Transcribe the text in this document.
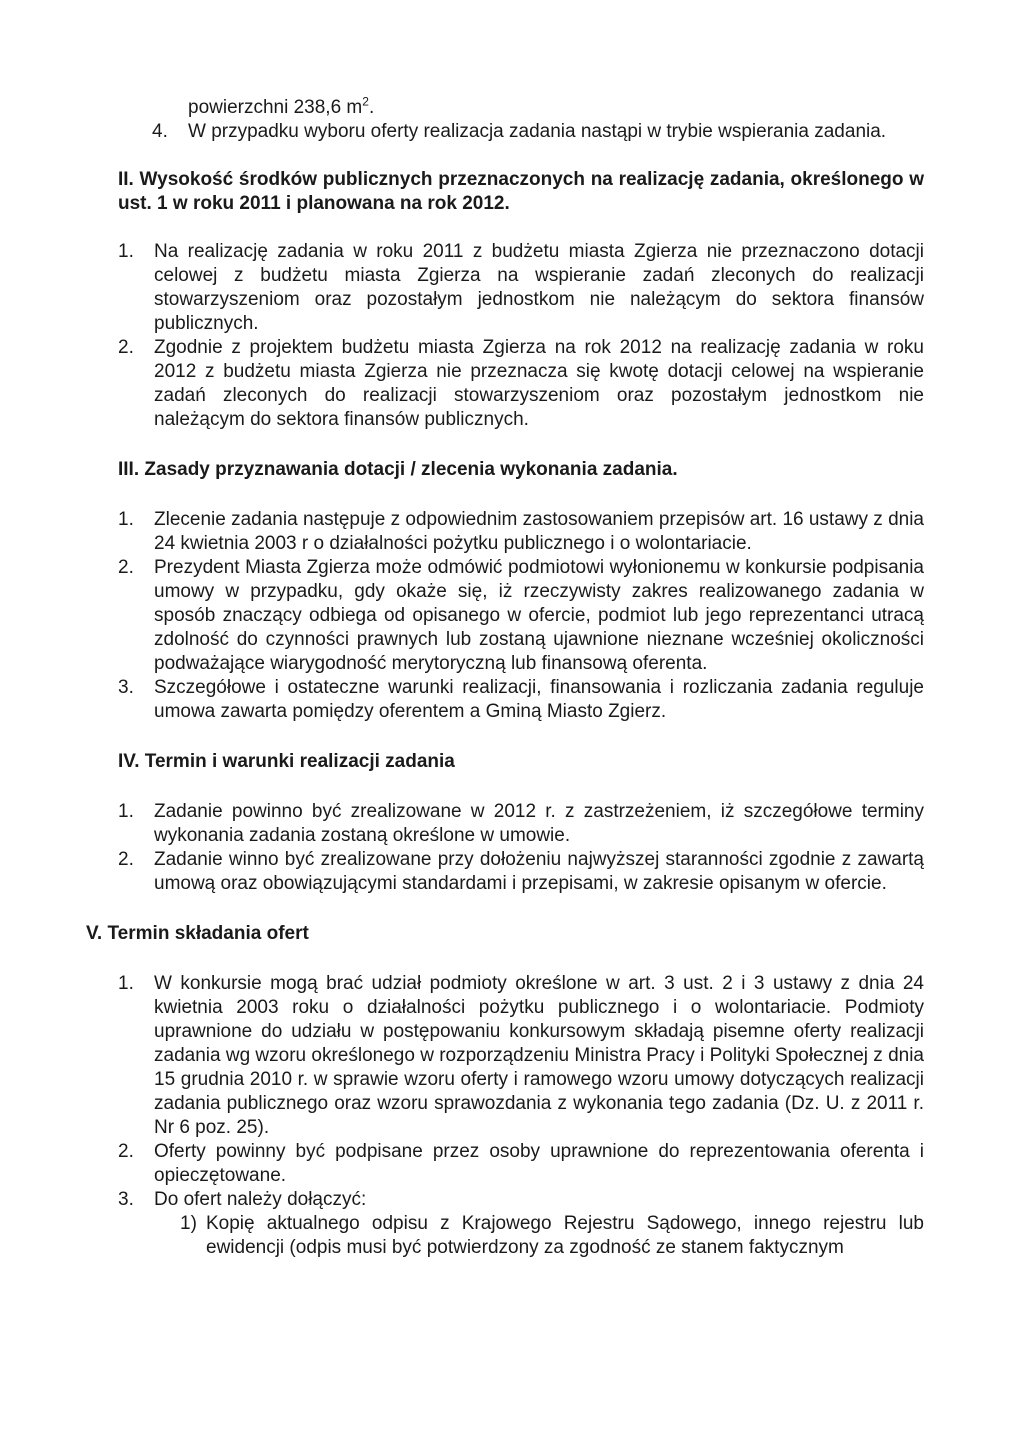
powierzchni 238,6 $m^2$.

4. W przypadku wyboru oferty realizacja zadania nastąpi w trybie wspierania zadania.

II. Wysokość środków publicznych przeznaczonych na realizację zadania, określonego w ust. 1 w roku 2011 i planowana na rok 2012.

1. Na realizację zadania w roku 2011 z budżetu miasta Zgierza nie przeznaczono dotacji celowej z budżetu miasta Zgierza na wspieranie zadań zleconych do realizacji stowarzyszeniom oraz pozostałym jednostkom nie należącym do sektora finansów publicznych.
2. Zgodnie z projektem budżetu miasta Zgierza na rok 2012 na realizację zadania w roku 2012 z budżetu miasta Zgierza nie przeznacza się kwotę dotacji celowej na wspieranie zadań zleconych do realizacji stowarzyszeniom oraz pozostałym jednostkom nie należącym do sektora finansów publicznych.

III. Zasady przyznawania dotacji / zlecenia wykonania zadania.

1. Zlecenie zadania następuje z odpowiednim zastosowaniem przepisów art. 16 ustawy z dnia 24 kwietnia 2003 r o działalności pożytku publicznego i o wolontariacie.
2. Prezydent Miasta Zgierza może odmówić podmiotowi wyłonionemu w konkursie podpisania umowy w przypadku, gdy okaże się, iż rzeczywisty zakres realizowanego zadania w sposób znaczący odbiega od opisanego w ofercie, podmiot lub jego reprezentanci utracą zdolność do czynności prawnych lub zostaną ujawnione nieznane wcześniej okoliczności podważające wiarygodność merytoryczną lub finansową oferenta.
3. Szczegółowe i ostateczne warunki realizacji, finansowania i rozliczania zadania reguluje umowa zawarta pomiędzy oferentem a Gminą Miasto Zgierz.

IV. Termin i warunki realizacji zadania

1. Zadanie powinno być zrealizowane w 2012 r. z zastrzeżeniem, iż szczegółowe terminy wykonania zadania zostaną określone w umowie.
2. Zadanie winno być zrealizowane przy dołożeniu najwyższej staranności zgodnie z zawartą umową oraz obowiązującymi standardami i przepisami, w zakresie opisanym w ofercie.

V. Termin składania ofert

1. W konkursie mogą brać udział podmioty określone w art. 3 ust. 2 i 3 ustawy z dnia 24 kwietnia 2003 roku o działalności pożytku publicznego i o wolontariacie. Podmioty uprawnione do udziału w postępowaniu konkursowym składają pisemne oferty realizacji zadania wg wzoru określonego w rozporządzeniu Ministra Pracy i Polityki Społecznej z dnia 15 grudnia 2010 r. w sprawie wzoru oferty i ramowego wzoru umowy dotyczących realizacji zadania publicznego oraz wzoru sprawozdania z wykonania tego zadania (Dz. U. z 2011 r. Nr 6 poz. 25).
2. Oferty powinny być podpisane przez osoby uprawnione do reprezentowania oferenta i opieczętowane.
3. Do ofert należy dołączyć:
1) Kopię aktualnego odpisu z Krajowego Rejestru Sądowego, innego rejestru lub ewidencji (odpis musi być potwierdzony za zgodność ze stanem faktycznym
